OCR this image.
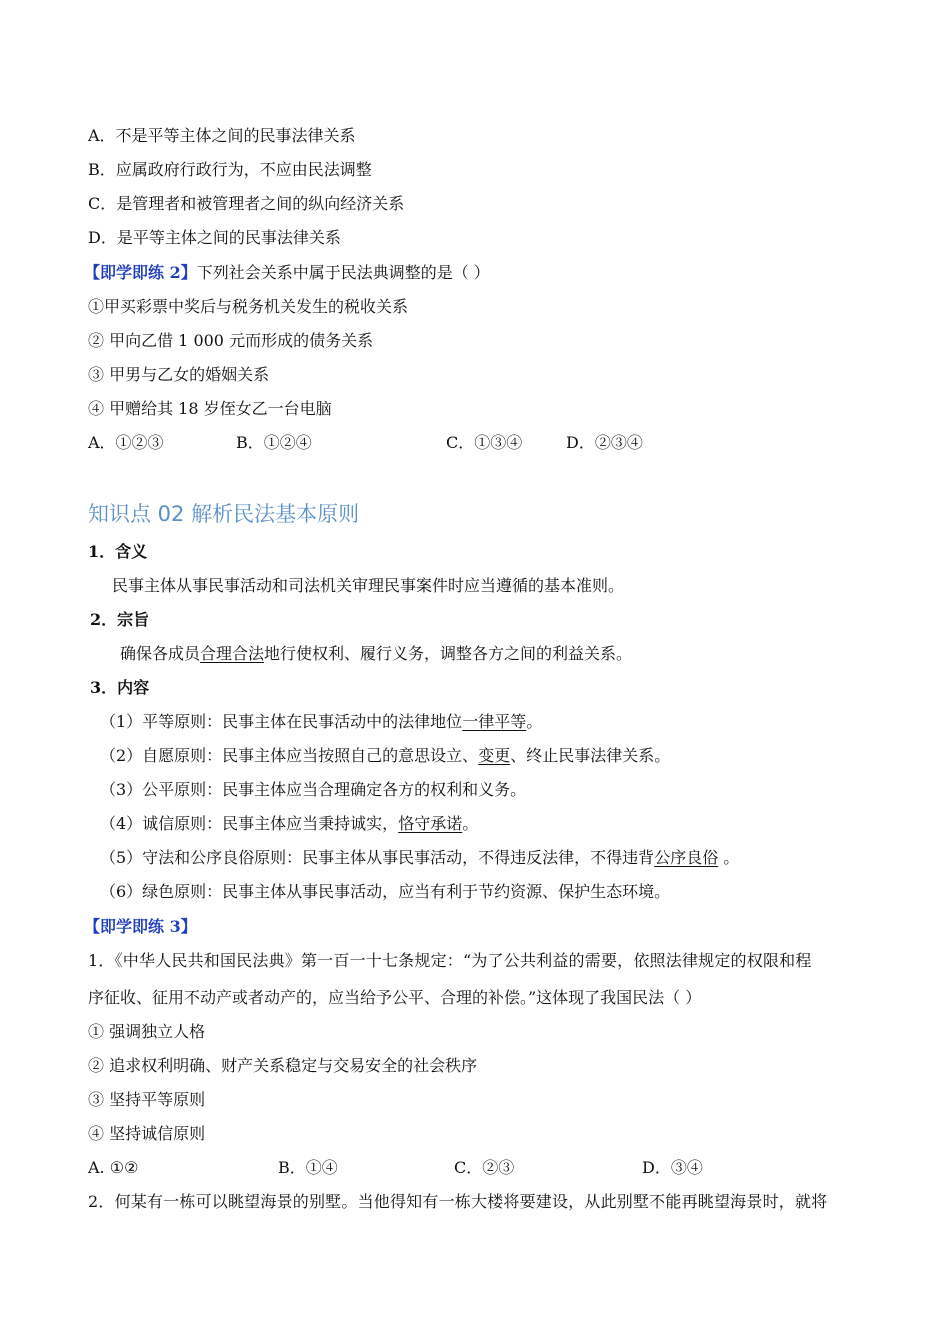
A．不是平等主体之间的民事法律关系
B．应属政府行政行为，不应由民法调整
C．是管理者和被管理者之间的纵向经济关系
D．是平等主体之间的民事法律关系
【即学即练 2】下列社会关系中属于民法典调整的是（ ）
①甲买彩票中奖后与税务机关发生的税收关系
② 甲向乙借 1 000 元而形成的债务关系
③ 甲男与乙女的婚姻关系
④ 甲赠给其 18 岁侄女乙一台电脑
A．①②③	B．①②④	C．①③④	D．②③④
知识点 02 解析民法基本原则
1．含义
民事主体从事民事活动和司法机关审理民事案件时应当遵循的基本准则。
2．宗旨
确保各成员合理合法地行使权利、履行义务，调整各方之间的利益关系。
3．内容
（1）平等原则：民事主体在民事活动中的法律地位一律平等。
（2）自愿原则：民事主体应当按照自己的意思设立、变更、终止民事法律关系。
（3）公平原则：民事主体应当合理确定各方的权利和义务。
（4）诚信原则：民事主体应当秉持诚实，恪守承诺。
（5）守法和公序良俗原则：民事主体从事民事活动，不得违反法律，不得违背公序良俗 。
（6）绿色原则：民事主体从事民事活动，应当有利于节约资源、保护生态环境。
【即学即练 3】
1．《中华人民共和国民法典》第一百一十七条规定：“为了公共利益的需要，依照法律规定的权限和程
序征收、征用不动产或者动产的，应当给予公平、合理的补偿。”这体现了我国民法（ ）
① 强调独立人格
② 追求权利明确、财产关系稳定与交易安全的社会秩序
③ 坚持平等原则
④ 坚持诚信原则
A. ①②	B．①④	C．②③	D．③④
2．何某有一栋可以眺望海景的别墅。当他得知有一栋大楼将要建设，从此别墅不能再眺望海景时，就将
